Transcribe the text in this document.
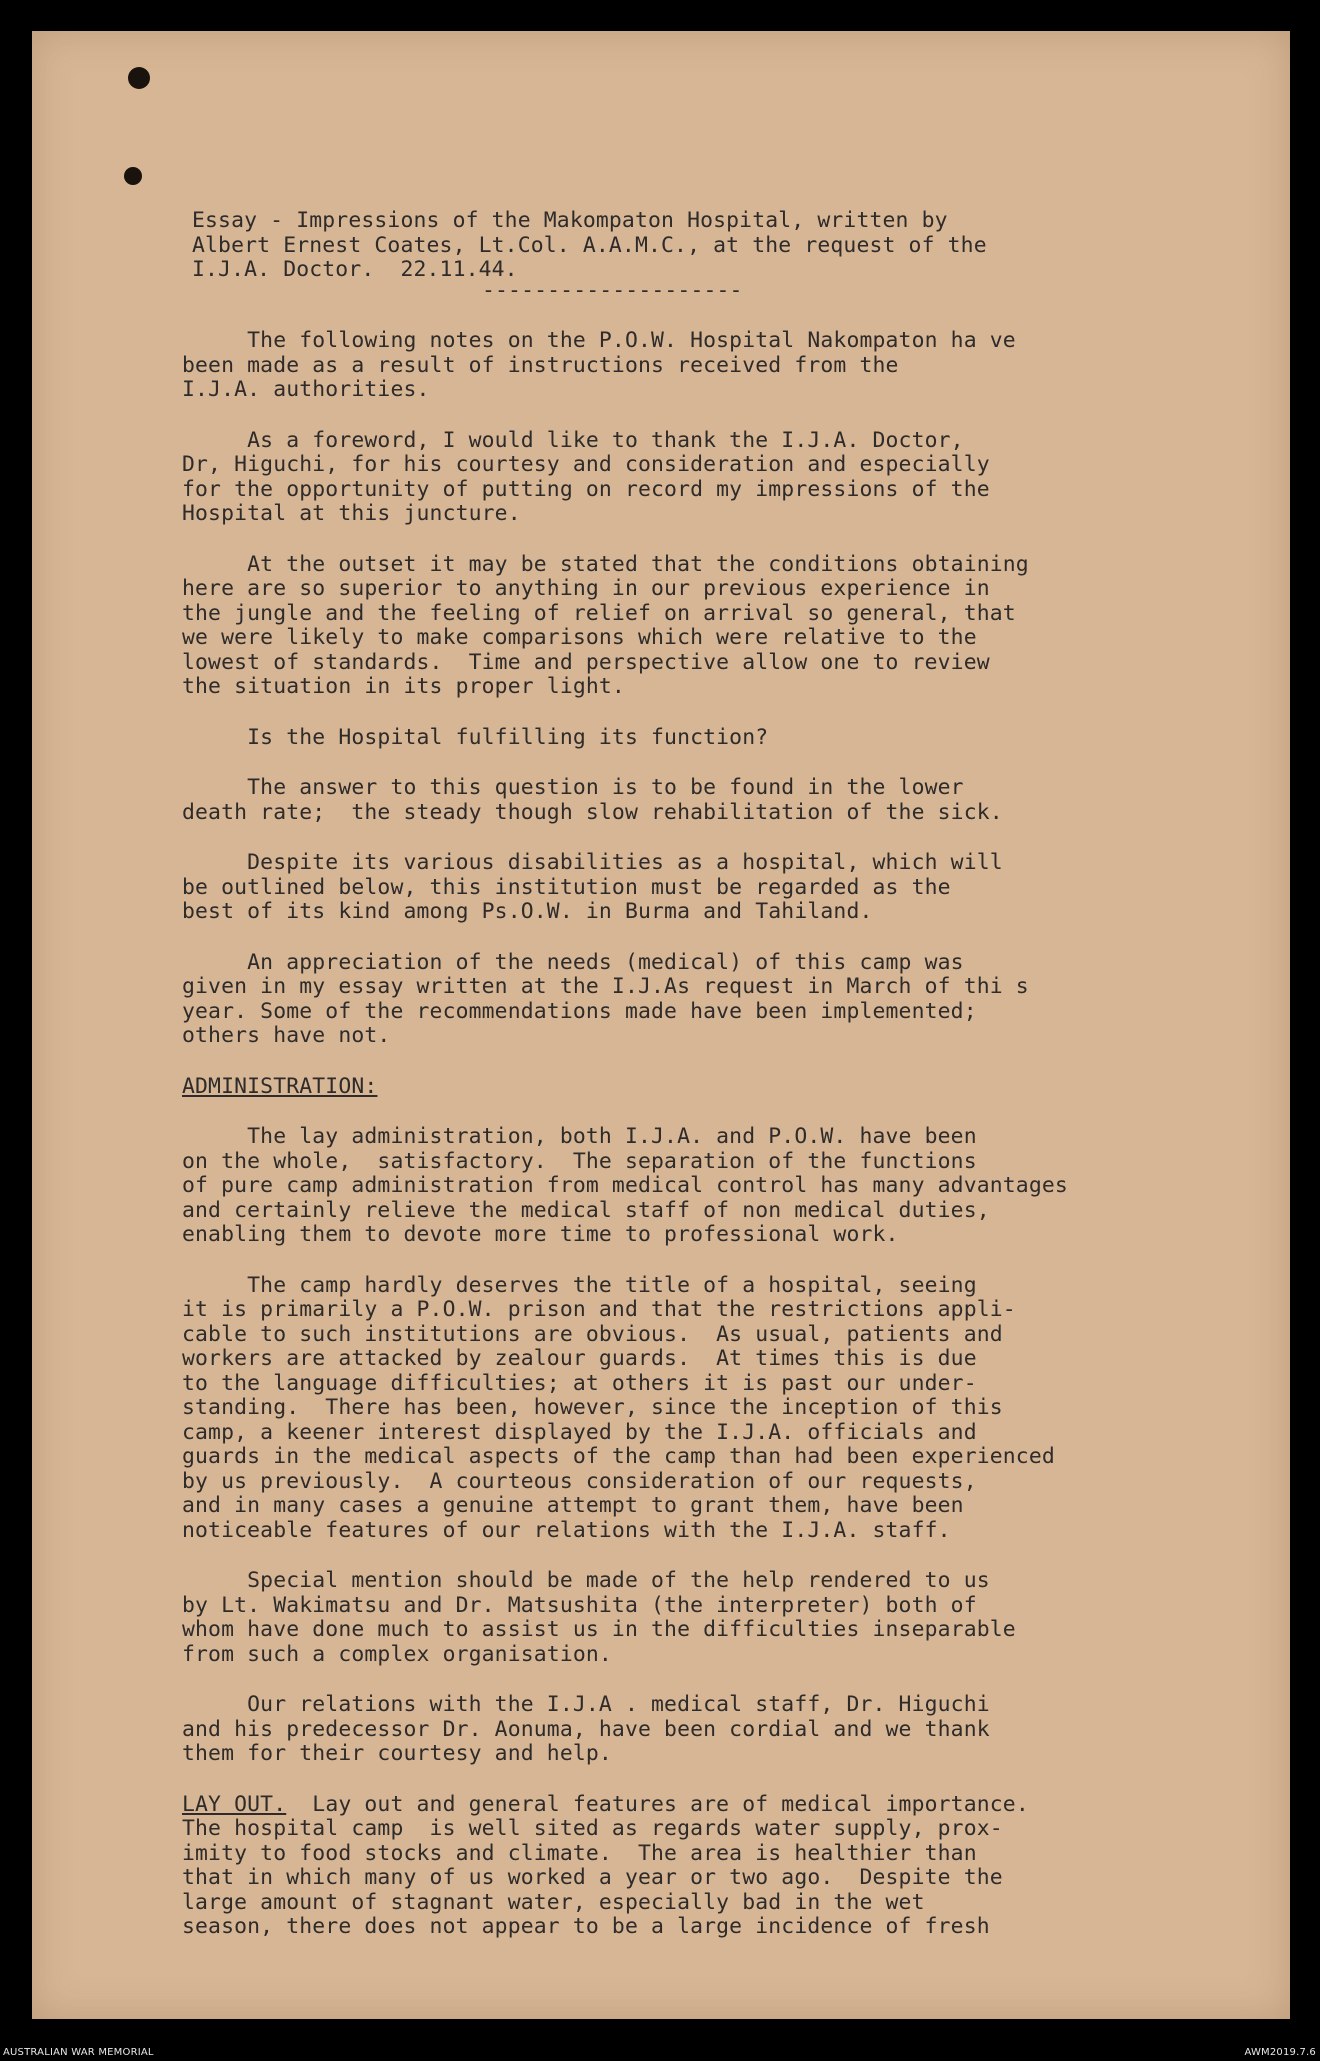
Essay - Impressions of the Makompaton Hospital, written by
Albert Ernest Coates, Lt.Col. A.A.M.C., at the request of the
I.J.A. Doctor.  22.11.44.
--------------------
The following notes on the P.O.W. Hospital Nakompaton ha ve
been made as a result of instructions received from the
I.J.A. authorities.
As a foreword, I would like to thank the I.J.A. Doctor,
Dr, Higuchi, for his courtesy and consideration and especially
for the opportunity of putting on record my impressions of the
Hospital at this juncture.
At the outset it may be stated that the conditions obtaining
here are so superior to anything in our previous experience in
the jungle and the feeling of relief on arrival so general, that
we were likely to make comparisons which were relative to the
lowest of standards.  Time and perspective allow one to review
the situation in its proper light.
Is the Hospital fulfilling its function?
The answer to this question is to be found in the lower
death rate;  the steady though slow rehabilitation of the sick.
Despite its various disabilities as a hospital, which will
be outlined below, this institution must be regarded as the
best of its kind among Ps.O.W. in Burma and Tahiland.
An appreciation of the needs (medical) of this camp was
given in my essay written at the I.J.As request in March of thi s
year. Some of the recommendations made have been implemented;
others have not.
ADMINISTRATION:
The lay administration, both I.J.A. and P.O.W. have been
on the whole,  satisfactory.  The separation of the functions
of pure camp administration from medical control has many advantages
and certainly relieve the medical staff of non medical duties,
enabling them to devote more time to professional work.
The camp hardly deserves the title of a hospital, seeing
it is primarily a P.O.W. prison and that the restrictions appli-
cable to such institutions are obvious.  As usual, patients and
workers are attacked by zealour guards.  At times this is due
to the language difficulties; at others it is past our under-
standing.  There has been, however, since the inception of this
camp, a keener interest displayed by the I.J.A. officials and
guards in the medical aspects of the camp than had been experienced
by us previously.  A courteous consideration of our requests,
and in many cases a genuine attempt to grant them, have been
noticeable features of our relations with the I.J.A. staff.
Special mention should be made of the help rendered to us
by Lt. Wakimatsu and Dr. Matsushita (the interpreter) both of
whom have done much to assist us in the difficulties inseparable
from such a complex organisation.
Our relations with the I.J.A . medical staff, Dr. Higuchi
and his predecessor Dr. Aonuma, have been cordial and we thank
them for their courtesy and help.
LAY OUT.  Lay out and general features are of medical importance.
The hospital camp  is well sited as regards water supply, prox-
imity to food stocks and climate.  The area is healthier than
that in which many of us worked a year or two ago.  Despite the
large amount of stagnant water, especially bad in the wet
season, there does not appear to be a large incidence of fresh
AUSTRALIAN WAR MEMORIAL	AWM2019.7.6
